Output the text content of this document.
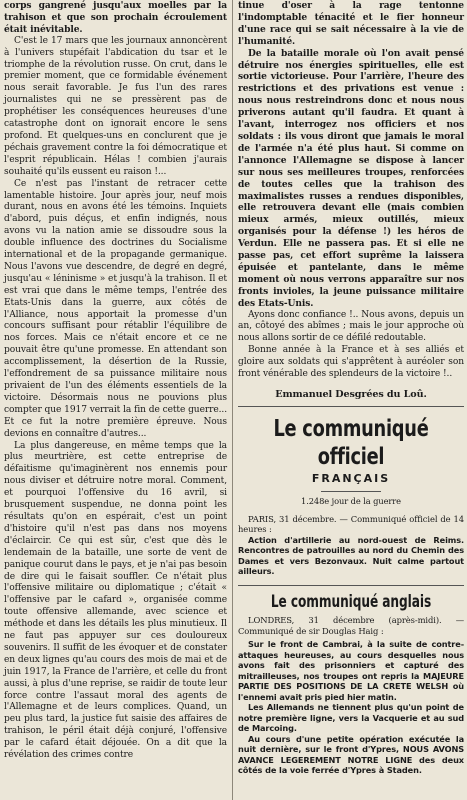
corps gangrené jusqu'aux moelles par la trahison et que son prochain écroulement était inévitable.

C'est le 17 mars que les journaux annoncèrent à l'univers stupéfait l'abdication du tsar et le triomphe de la révolution russe. On crut, dans le premier moment, que ce formidable événement nous serait favorable. Je fus l'un des rares journalistes qui ne se pressèrent pas de prophétiser les conséquences heureuses d'une catastrophe dont on ignorait encore le sens profond. Et quelques-uns en conclurent que je péchais gravement contre la foi démocratique et l'esprit républicain. Hélas ! combien j'aurais souhaité qu'ils eussent eu raison !...

Ce n'est pas l'instant de retracer cette lamentable histoire. Jour après jour, neuf mois durant, nous en avons été les témoins. Inquiets d'abord, puis déçus, et enfin indignés, nous avons vu la nation amie se dissoudre sous la double influence des doctrines du Socialisme international et de la propagande germanique. Nous l'avons vue descendre, de degré en degré, jusqu'au « léninisme » et jusqu'à la trahison. Il et est vrai que dans le même temps, l'entrée des Etats-Unis dans la guerre, aux côtés de l'Alliance, nous apportait la promesse d'un concours suffisant pour rétablir l'équilibre de nos forces. Mais ce n'était encore et ce ne pouvait être qu'une promesse. En attendant son accomplissement, la désertion de la Russie, l'effondrement de sa puissance militaire nous privaient de l'un des éléments essentiels de la victoire. Désormais nous ne pouvions plus compter que 1917 verrait la fin de cette guerre... Et ce fut la notre première épreuve. Nous devions en connaître d'autres...

La plus dangereuse, en même temps que la plus meurtrière, est cette entreprise de défaitisme qu'imaginèrent nos ennemis pour nous diviser et détruire notre moral. Comment, et pourquoi l'offensive du 16 avril, si brusquement suspendue, ne donna point les résultats qu'on en espérait, c'est un point d'histoire qu'il n'est pas dans nos moyens d'éclaircir. Ce qui est sûr, c'est que dès le lendemain de la bataille, une sorte de vent de panique courut dans le pays, et je n'ai pas besoin de dire qui le faisait souffler. Ce n'était plus l'offensive militaire ou diplomatique ; c'était « l'offensive par le cafard », organisée comme toute offensive allemande, avec science et méthode et dans les détails les plus minutieux. Il ne faut pas appuyer sur ces douloureux souvenirs. Il suffit de les évoquer et de constater en deux lignes qu'au cours des mois de mai et de juin 1917, la France de l'arrière, et celle du front aussi, à plus d'une reprise, se raidir de toute leur force contre l'assaut moral des agents de l'Allemagne et de leurs complices. Quand, un peu plus tard, la justice fut saisie des affaires de trahison, le péril était déjà conjuré, l'offensive par le cafard était déjouée. On a dit que la révélation des crimes contre

tinue d'oser à la rage tentonne l'indomptable ténacité et le fier honneur d'une race qui se sait nécessaire à la vie de l'humanité.

De la bataille morale où l'on avait pensé détruire nos énergies spirituelles, elle est sortie victorieuse. Pour l'arrière, l'heure des restrictions et des privations est venue : nous nous restreindrons donc et nous nous priverons autant qu'il faudra. Et quant à l'avant, interrogez nos officiers et nos soldats : ils vous diront que jamais le moral de l'armée n'a été plus haut. Si comme on l'annonce l'Allemagne se dispose à lancer sur nous ses meilleures troupes, renforcées de toutes celles que la trahison des maximalistes russes a rendues disponibles, elle retrouvera devant elle (mais combien mieux armés, mieux outillés, mieux organisés pour la défense !) les héros de Verdun. Elle ne passera pas. Et si elle ne passe pas, cet effort suprême la laissera épuisée et pantelante, dans le même moment où nous verrons apparaître sur nos fronts invioles, la jeune puissance militaire des Etats-Unis.

Ayons donc confiance !.. Nous avons, depuis un an, côtoyé des abîmes ; mais le jour approche où nous allons sortir de ce défilé redoutable.

Bonne année à la France et à ses alliés et gloire aux soldats qui s'apprêtent à auréoler son front vénérable des splendeurs de la victoire !..

Emmanuel Desgrées du Loû.
Le communiqué officiel
FRANÇAIS
1.248e jour de la guerre

PARIS, 31 décembre. — Communiqué officiel de 14 heures :

Action d'artillerie au nord-ouest de Reims. Rencontres de patrouilles au nord du Chemin des Dames et vers Bezonvaux. Nuit calme partout ailleurs.

Le communiqué anglais

LONDRES, 31 décembre (après-midi). — Communiqué de sir Douglas Haig :

Sur le front de Cambrai, à la suite de contre-attaques heureuses, au cours desquelles nous avons fait des prisonniers et capturé des mitrailleuses, nos troupes ont repris la MAJEURE PARTIE DES POSITIONS DE LA CRETE WELSH où l'ennemi avait pris pied hier matin.

Les Allemands ne tiennent plus qu'un point de notre première ligne, vers la Vacquerie et au sud de Marcoing.

Au cours d'une petite opération exécutée la nuit dernière, sur le front d'Ypres, NOUS AVONS AVANCE LEGEREMENT NOTRE LIGNE des deux côtés de la voie ferrée d'Ypres à Staden.
